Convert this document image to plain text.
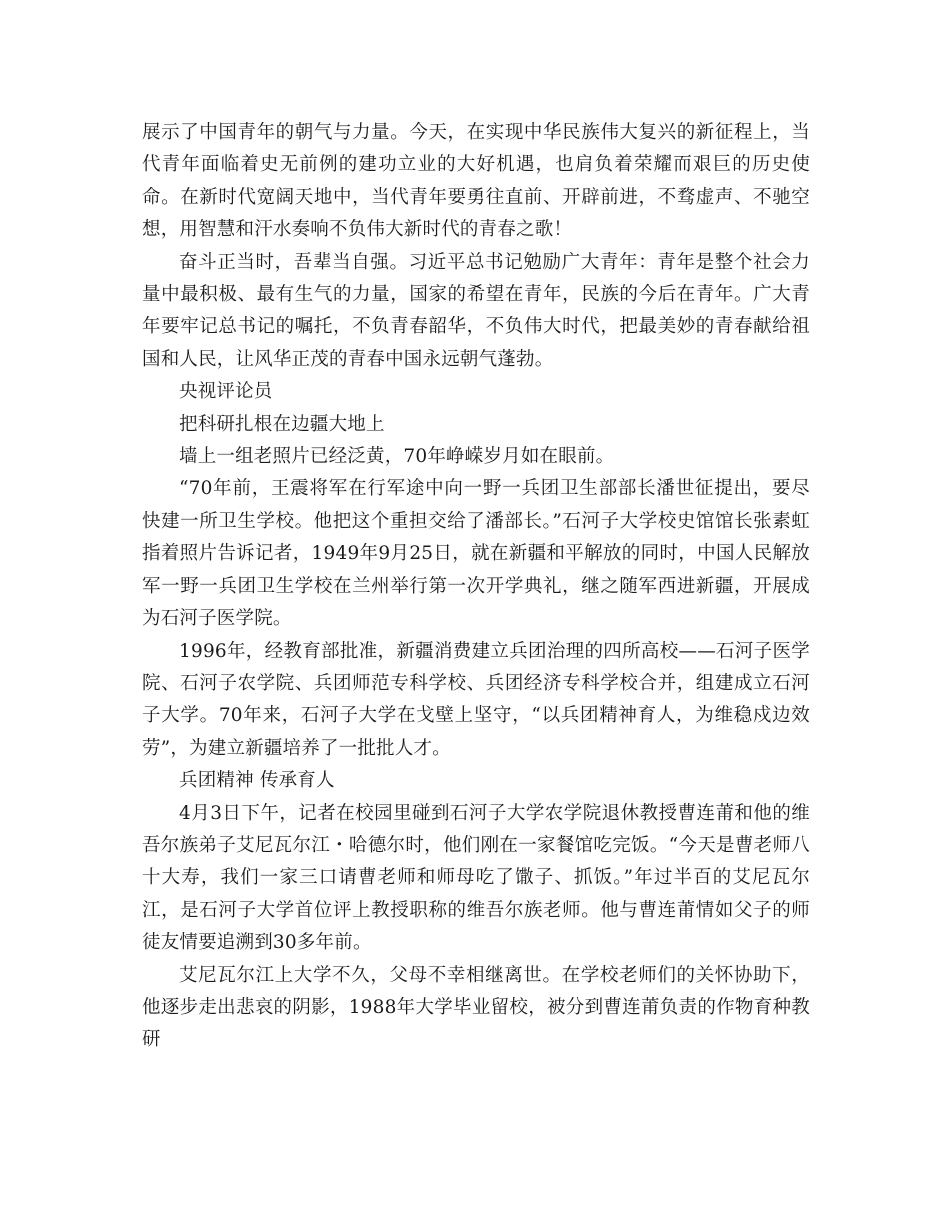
展示了中国青年的朝气与力量。今天，在实现中华民族伟大复兴的新征程上，当代青年面临着史无前例的建功立业的大好机遇，也肩负着荣耀而艰巨的历史使命。在新时代宽阔天地中，当代青年要勇往直前、开辟前进，不骛虚声、不驰空想，用智慧和汗水奏响不负伟大新时代的青春之歌！

奋斗正当时，吾辈当自强。习近平总书记勉励广大青年：青年是整个社会力量中最积极、最有生气的力量，国家的希望在青年，民族的今后在青年。广大青年要牢记总书记的嘱托，不负青春韶华，不负伟大时代，把最美妙的青春献给祖国和人民，让风华正茂的青春中国永远朝气蓬勃。

央视评论员

把科研扎根在边疆大地上

墙上一组老照片已经泛黄，70年峥嵘岁月如在眼前。

“70年前，王震将军在行军途中向一野一兵团卫生部部长潘世征提出，要尽快建一所卫生学校。他把这个重担交给了潘部长。”石河子大学校史馆馆长张素虹指着照片告诉记者，1949年9月25日，就在新疆和平解放的同时，中国人民解放军一野一兵团卫生学校在兰州举行第一次开学典礼，继之随军西进新疆，开展成为石河子医学院。

1996年，经教育部批准，新疆消费建立兵团治理的四所高校——石河子医学院、石河子农学院、兵团师范专科学校、兵团经济专科学校合并，组建成立石河子大学。70年来，石河子大学在戈壁上坚守，“以兵团精神育人，为维稳戍边效劳”，为建立新疆培养了一批批人才。

兵团精神 传承育人

4月3日下午，记者在校园里碰到石河子大学农学院退休教授曹连莆和他的维吾尔族弟子艾尼瓦尔江・哈德尔时，他们刚在一家餐馆吃完饭。“今天是曹老师八十大寿，我们一家三口请曹老师和师母吃了馓子、抓饭。”年过半百的艾尼瓦尔江，是石河子大学首位评上教授职称的维吾尔族老师。他与曹连莆情如父子的师徒友情要追溯到30多年前。

艾尼瓦尔江上大学不久，父母不幸相继离世。在学校老师们的关怀协助下，他逐步走出悲哀的阴影，1988年大学毕业留校，被分到曹连莆负责的作物育种教研
